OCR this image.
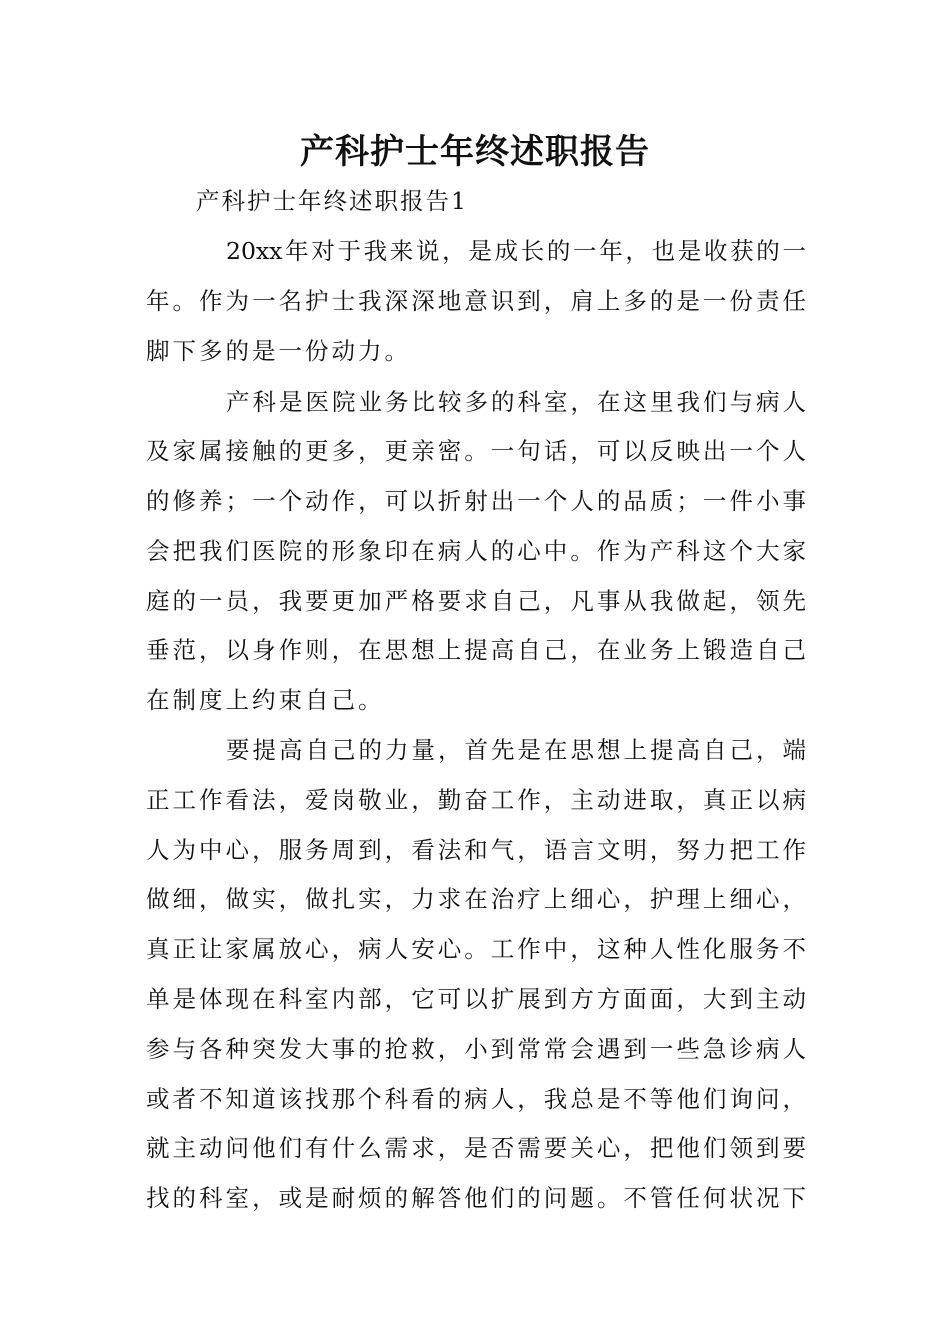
产科护士年终述职报告
产科护士年终述职报告1
20xx年对于我来说，是成长的一年，也是收获的一
年。作为一名护士我深深地意识到，肩上多的是一份责任
脚下多的是一份动力。
产科是医院业务比较多的科室，在这里我们与病人
及家属接触的更多，更亲密。一句话，可以反映出一个人
的修养；一个动作，可以折射出一个人的品质；一件小事
会把我们医院的形象印在病人的心中。作为产科这个大家
庭的一员，我要更加严格要求自己，凡事从我做起，领先
垂范，以身作则，在思想上提高自己，在业务上锻造自己
在制度上约束自己。
要提高自己的力量，首先是在思想上提高自己，端
正工作看法，爱岗敬业，勤奋工作，主动进取，真正以病
人为中心，服务周到，看法和气，语言文明，努力把工作
做细，做实，做扎实，力求在治疗上细心，护理上细心，
真正让家属放心，病人安心。工作中，这种人性化服务不
单是体现在科室内部，它可以扩展到方方面面，大到主动
参与各种突发大事的抢救，小到常常会遇到一些急诊病人
或者不知道该找那个科看的病人，我总是不等他们询问，
就主动问他们有什么需求，是否需要关心，把他们领到要
找的科室，或是耐烦的解答他们的问题。不管任何状况下
